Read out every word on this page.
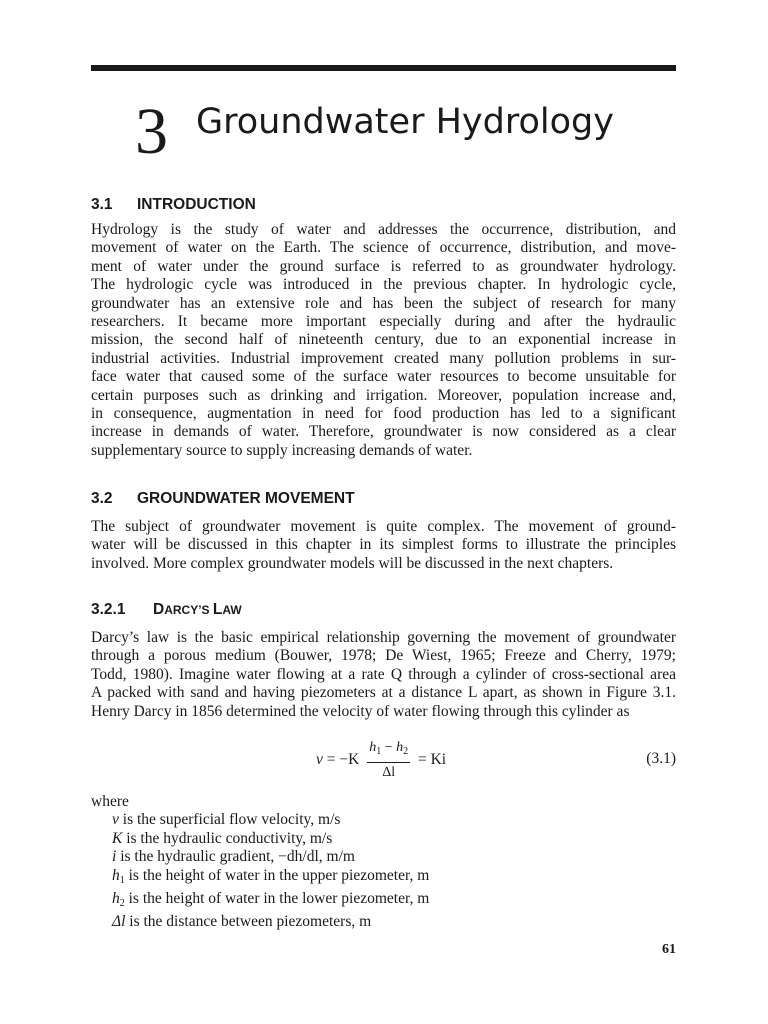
3 Groundwater Hydrology
3.1 INTRODUCTION
Hydrology is the study of water and addresses the occurrence, distribution, and
movement of water on the Earth. The science of occurrence, distribution, and move-
ment of water under the ground surface is referred to as groundwater hydrology.
The hydrologic cycle was introduced in the previous chapter. In hydrologic cycle,
groundwater has an extensive role and has been the subject of research for many
researchers. It became more important especially during and after the hydraulic
mission, the second half of nineteenth century, due to an exponential increase in
industrial activities. Industrial improvement created many pollution problems in sur-
face water that caused some of the surface water resources to become unsuitable for
certain purposes such as drinking and irrigation. Moreover, population increase and,
in consequence, augmentation in need for food production has led to a significant
increase in demands of water. Therefore, groundwater is now considered as a clear
supplementary source to supply increasing demands of water.
3.2 GROUNDWATER MOVEMENT
The subject of groundwater movement is quite complex. The movement of ground-
water will be discussed in this chapter in its simplest forms to illustrate the principles
involved. More complex groundwater models will be discussed in the next chapters.
3.2.1 DARCY’S LAW
Darcy’s law is the basic empirical relationship governing the movement of groundwater
through a porous medium (Bouwer, 1978; De Wiest, 1965; Freeze and Cherry, 1979;
Todd, 1980). Imagine water flowing at a rate Q through a cylinder of cross-sectional area
A packed with sand and having piezometers at a distance L apart, as shown in Figure 3.1.
Henry Darcy in 1856 determined the velocity of water flowing through this cylinder as
$v = -K \frac{h_1 - h_2}{\Delta l} = Ki$	(3.1)
where
v is the superficial flow velocity, m/s
K is the hydraulic conductivity, m/s
i is the hydraulic gradient, −dh/dl, m/m
$h_1$ is the height of water in the upper piezometer, m
$h_2$ is the height of water in the lower piezometer, m
Δl is the distance between piezometers, m
61
